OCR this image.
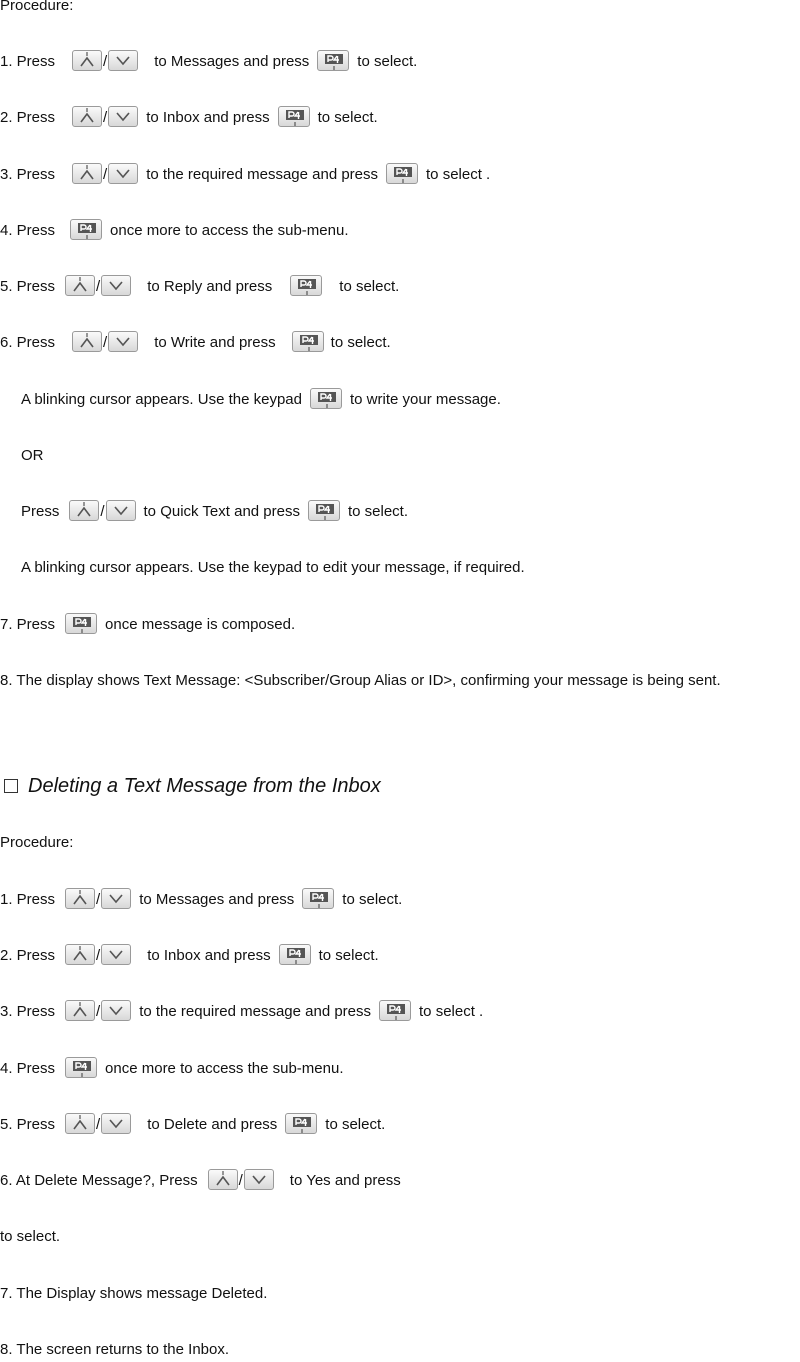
Procedure:
1. Press	/	to Messages and press	to select.
2. Press	/	to Inbox and press	to select.
3. Press	/	to the required message and press	to select .
4. Press	once more to access the sub-menu.
5. Press	/	to Reply and press	to select.
6. Press	/	to Write and press	to select.
A blinking cursor appears. Use the keypad	to write your message.
OR
Press	/	to Quick Text and press	to select.
A blinking cursor appears. Use the keypad to edit your message, if required.
7. Press	once message is composed.
8. The display shows Text Message: <Subscriber/Group Alias or ID>, confirming your message is being sent.
Deleting a Text Message from the Inbox
Procedure:
1. Press	/	to Messages and press	to select.
2. Press	/	to Inbox and press	to select.
3. Press	/	to the required message and press	to select .
4. Press	once more to access the sub-menu.
5. Press	/	to Delete and press	to select.
6. At Delete Message?, Press	/	to Yes and press
to select.
7. The Display shows message Deleted.
8. The screen returns to the Inbox.
